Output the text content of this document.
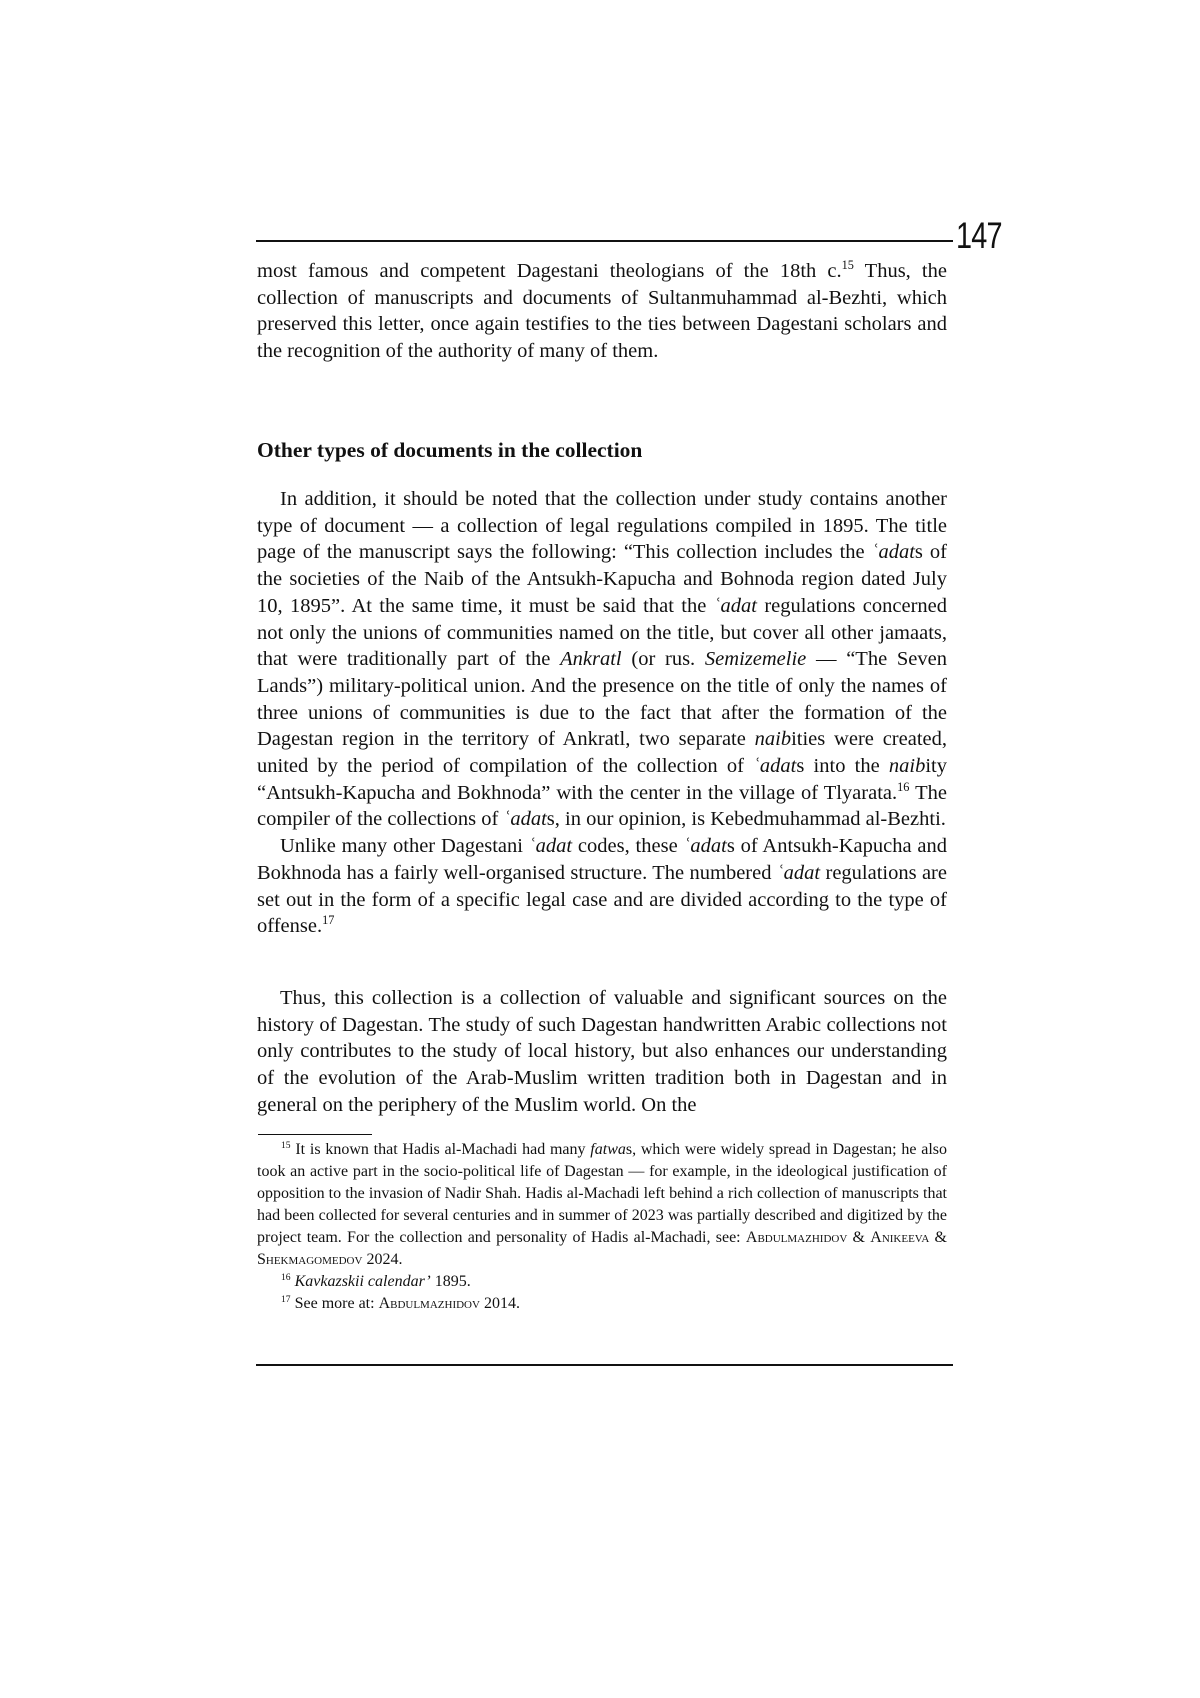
147

most famous and competent Dagestani theologians of the 18th c.$^{15}$ Thus, the collection of manuscripts and documents of Sultanmuhammad al-Bezhti, which preserved this letter, once again testifies to the ties between Dagestani scholars and the recognition of the authority of many of them.

Other types of documents in the collection

In addition, it should be noted that the collection under study contains another type of document — a collection of legal regulations compiled in 1895. The title page of the manuscript says the following: “This collection includes the ʿadats of the societies of the Naib of the Antsukh-Kapucha and Bohnoda region dated July 10, 1895”. At the same time, it must be said that the ʿadat regulations concerned not only the unions of communities named on the title, but cover all other jamaats, that were traditionally part of the Ankratl (or rus. Semizemelie — “The Seven Lands”) military-political union. And the presence on the title of only the names of three unions of communities is due to the fact that after the formation of the Dagestan region in the territory of Ankratl, two separate naibities were created, united by the period of compilation of the collection of ʿadats into the naibity “Antsukh-Kapucha and Bokhnoda” with the center in the village of Tlyarata.$^{16}$ The compiler of the collections of ʿadats, in our opinion, is Kebedmuhammad al-Bezhti.

Unlike many other Dagestani ʿadat codes, these ʿadats of Antsukh-Kapucha and Bokhnoda has a fairly well-organised structure. The numbered ʿadat regulations are set out in the form of a specific legal case and are divided according to the type of offense.$^{17}$

Thus, this collection is a collection of valuable and significant sources on the history of Dagestan. The study of such Dagestan handwritten Arabic collections not only contributes to the study of local history, but also enhances our understanding of the evolution of the Arab-Muslim written tradition both in Dagestan and in general on the periphery of the Muslim world. On the

$^{15}$ It is known that Hadis al-Machadi had many fatwas, which were widely spread in Dagestan; he also took an active part in the socio-political life of Dagestan — for example, in the ideological justification of opposition to the invasion of Nadir Shah. Hadis al-Machadi left behind a rich collection of manuscripts that had been collected for several centuries and in summer of 2023 was partially described and digitized by the project team. For the collection and personality of Hadis al-Machadi, see: Abdulmazhidov & Anikeeva & Shekmagomedov 2024.

$^{16}$ Kavkazskii calendar’ 1895.

$^{17}$ See more at: Abdulmazhidov 2014.
